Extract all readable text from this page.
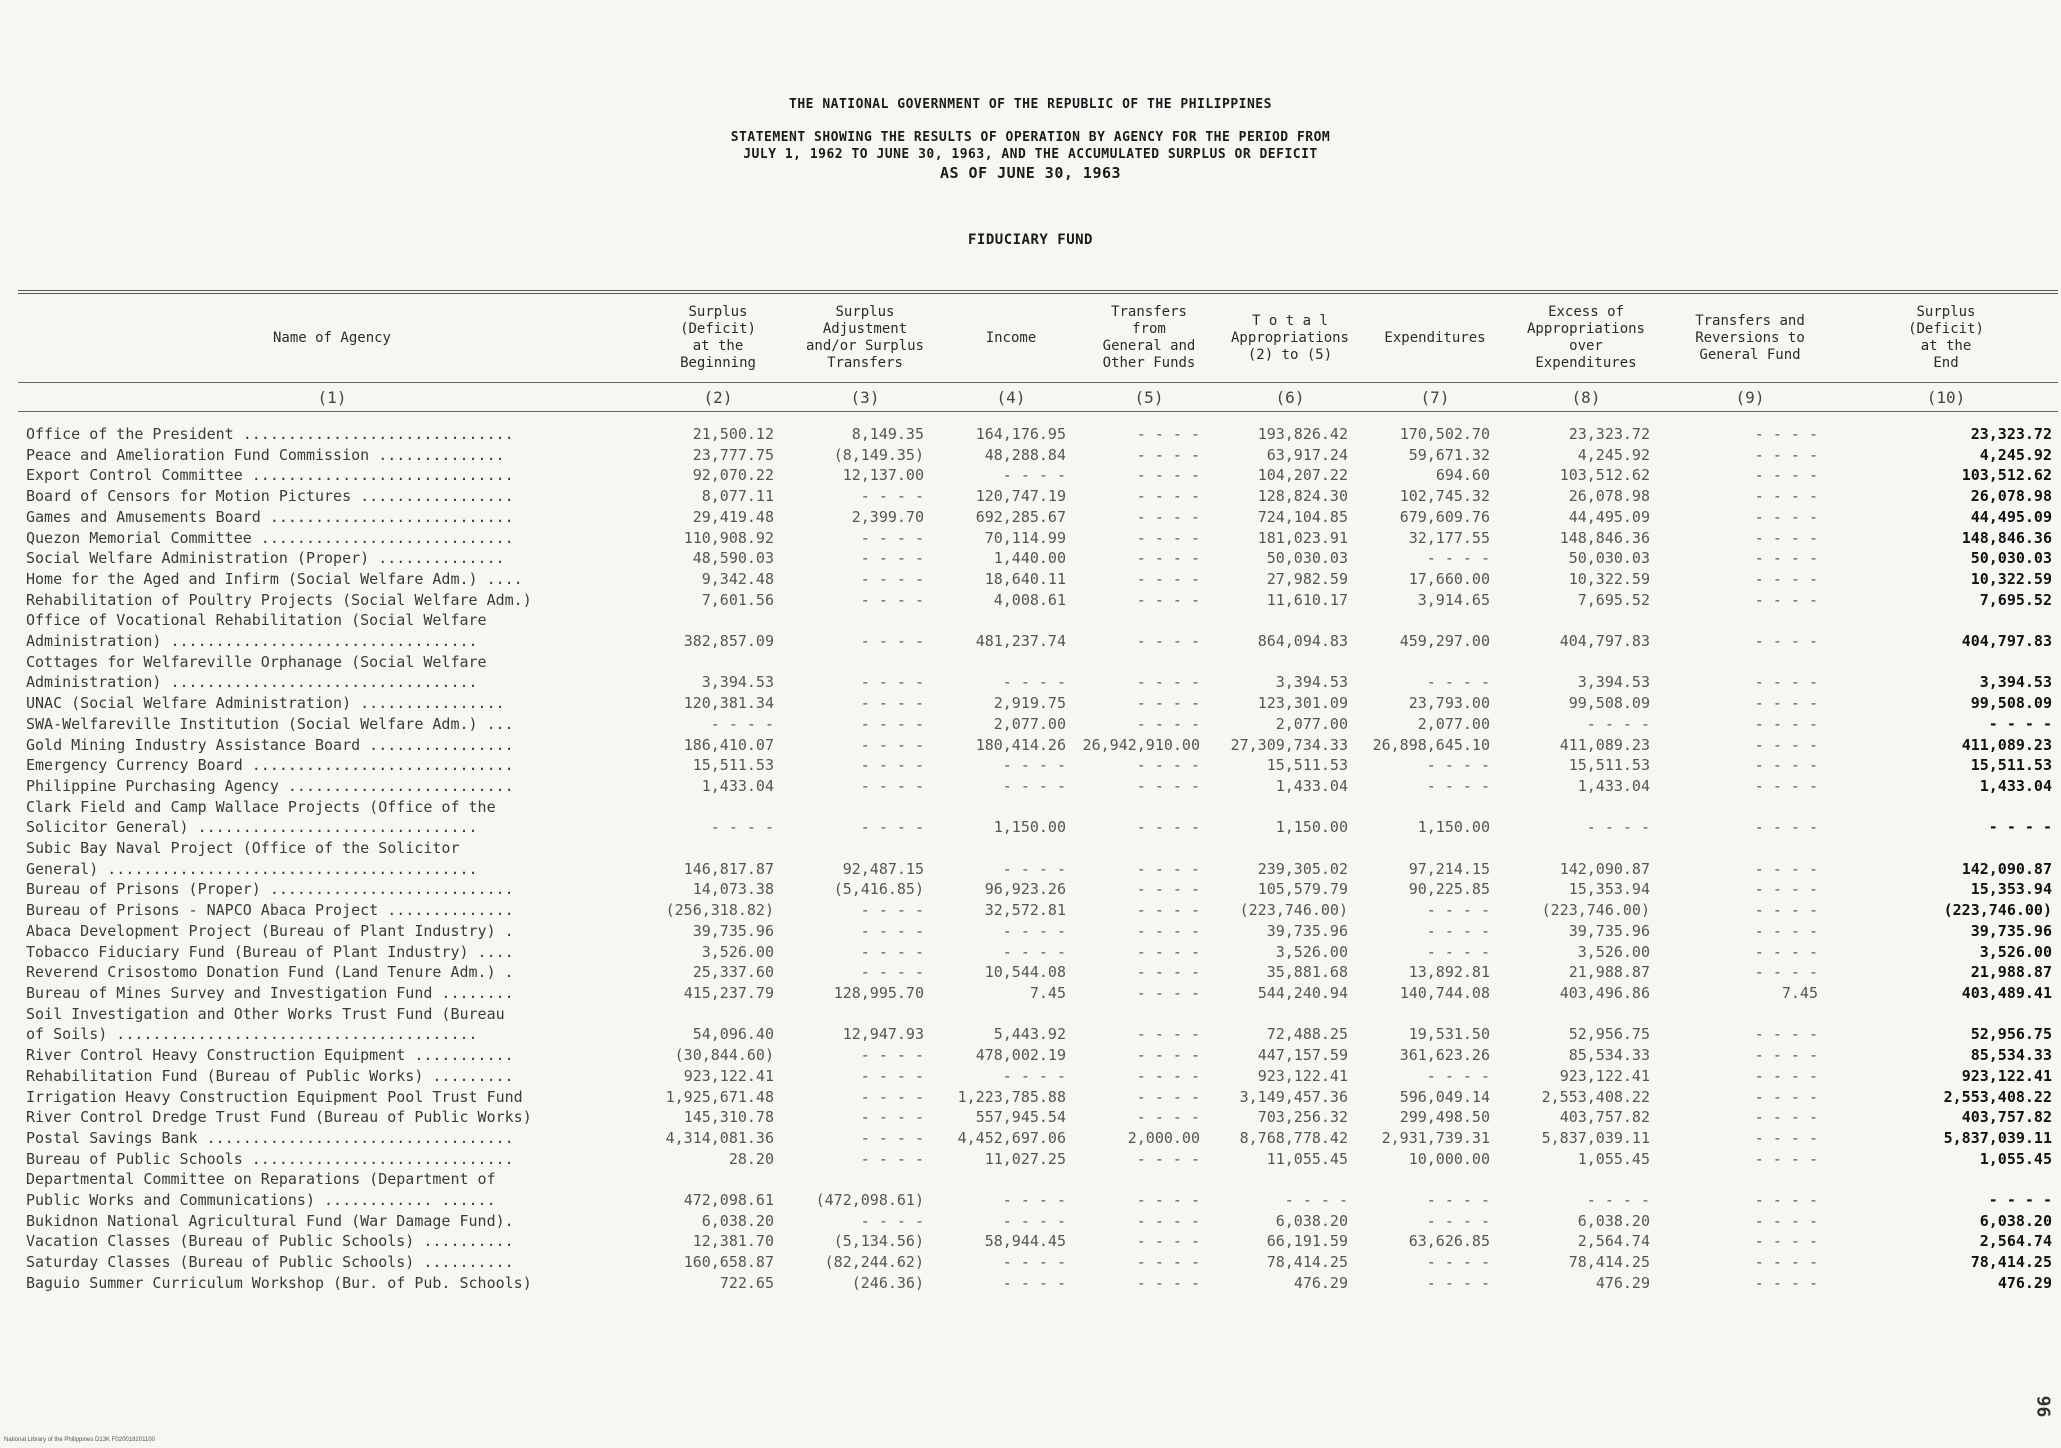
THE NATIONAL GOVERNMENT OF THE REPUBLIC OF THE PHILIPPINES
STATEMENT SHOWING THE RESULTS OF OPERATION BY AGENCY FOR THE PERIOD FROM
JULY 1, 1962 TO JUNE 30, 1963, AND THE ACCUMULATED SURPLUS OR DEFICIT
AS OF JUNE 30, 1963
FIDUCIARY FUND
Name of Agency	Surplus
(Deficit)
at the
Beginning	Surplus
Adjustment
and/or Surplus
Transfers	Income	Transfers
from
General and
Other Funds	T o t a l
Appropriations
(2) to (5)	Expenditures	Excess of
Appropriations
over
Expenditures	Transfers and
Reversions to
General Fund	Surplus
(Deficit)
at the
End
(1)	(2)	(3)	(4)	(5)	(6)	(7)	(8)	(9)	(10)

Office of the President ..............................	21,500.12	8,149.35	164,176.95	- - - -	193,826.42	170,502.70	23,323.72	- - - -	23,323.72
Peace and Amelioration Fund Commission ..............	23,777.75	(8,149.35)	48,288.84	- - - -	63,917.24	59,671.32	4,245.92	- - - -	4,245.92
Export Control Committee .............................	92,070.22	12,137.00	- - - -	- - - -	104,207.22	694.60	103,512.62	- - - -	103,512.62
Board of Censors for Motion Pictures .................	8,077.11	- - - -	120,747.19	- - - -	128,824.30	102,745.32	26,078.98	- - - -	26,078.98
Games and Amusements Board ...........................	29,419.48	2,399.70	692,285.67	- - - -	724,104.85	679,609.76	44,495.09	- - - -	44,495.09
Quezon Memorial Committee ............................	110,908.92	- - - -	70,114.99	- - - -	181,023.91	32,177.55	148,846.36	- - - -	148,846.36
Social Welfare Administration (Proper) ..............	48,590.03	- - - -	1,440.00	- - - -	50,030.03	- - - -	50,030.03	- - - -	50,030.03
Home for the Aged and Infirm (Social Welfare Adm.) ....	9,342.48	- - - -	18,640.11	- - - -	27,982.59	17,660.00	10,322.59	- - - -	10,322.59
Rehabilitation of Poultry Projects (Social Welfare Adm.)	7,601.56	- - - -	4,008.61	- - - -	11,610.17	3,914.65	7,695.52	- - - -	7,695.52
Office of Vocational Rehabilitation (Social Welfare									
Administration) ..................................	382,857.09	- - - -	481,237.74	- - - -	864,094.83	459,297.00	404,797.83	- - - -	404,797.83
Cottages for Welfareville Orphanage (Social Welfare									
Administration) ..................................	3,394.53	- - - -	- - - -	- - - -	3,394.53	- - - -	3,394.53	- - - -	3,394.53
UNAC (Social Welfare Administration) ................	120,381.34	- - - -	2,919.75	- - - -	123,301.09	23,793.00	99,508.09	- - - -	99,508.09
SWA-Welfareville Institution (Social Welfare Adm.) ...	- - - -	- - - -	2,077.00	- - - -	2,077.00	2,077.00	- - - -	- - - -	- - - -
Gold Mining Industry Assistance Board ................	186,410.07	- - - -	180,414.26	26,942,910.00	27,309,734.33	26,898,645.10	411,089.23	- - - -	411,089.23
Emergency Currency Board .............................	15,511.53	- - - -	- - - -	- - - -	15,511.53	- - - -	15,511.53	- - - -	15,511.53
Philippine Purchasing Agency .........................	1,433.04	- - - -	- - - -	- - - -	1,433.04	- - - -	1,433.04	- - - -	1,433.04
Clark Field and Camp Wallace Projects (Office of the									
Solicitor General) ...............................	- - - -	- - - -	1,150.00	- - - -	1,150.00	1,150.00	- - - -	- - - -	- - - -
Subic Bay Naval Project (Office of the Solicitor									
General) .........................................	146,817.87	92,487.15	- - - -	- - - -	239,305.02	97,214.15	142,090.87	- - - -	142,090.87
Bureau of Prisons (Proper) ...........................	14,073.38	(5,416.85)	96,923.26	- - - -	105,579.79	90,225.85	15,353.94	- - - -	15,353.94
Bureau of Prisons - NAPCO Abaca Project ..............	(256,318.82)	- - - -	32,572.81	- - - -	(223,746.00)	- - - -	(223,746.00)	- - - -	(223,746.00)
Abaca Development Project (Bureau of Plant Industry) .	39,735.96	- - - -	- - - -	- - - -	39,735.96	- - - -	39,735.96	- - - -	39,735.96
Tobacco Fiduciary Fund (Bureau of Plant Industry) ....	3,526.00	- - - -	- - - -	- - - -	3,526.00	- - - -	3,526.00	- - - -	3,526.00
Reverend Crisostomo Donation Fund (Land Tenure Adm.) .	25,337.60	- - - -	10,544.08	- - - -	35,881.68	13,892.81	21,988.87	- - - -	21,988.87
Bureau of Mines Survey and Investigation Fund ........	415,237.79	128,995.70	7.45	- - - -	544,240.94	140,744.08	403,496.86	7.45	403,489.41
Soil Investigation and Other Works Trust Fund (Bureau									
of Soils) ........................................	54,096.40	12,947.93	5,443.92	- - - -	72,488.25	19,531.50	52,956.75	- - - -	52,956.75
River Control Heavy Construction Equipment ...........	(30,844.60)	- - - -	478,002.19	- - - -	447,157.59	361,623.26	85,534.33	- - - -	85,534.33
Rehabilitation Fund (Bureau of Public Works) .........	923,122.41	- - - -	- - - -	- - - -	923,122.41	- - - -	923,122.41	- - - -	923,122.41
Irrigation Heavy Construction Equipment Pool Trust Fund	1,925,671.48	- - - -	1,223,785.88	- - - -	3,149,457.36	596,049.14	2,553,408.22	- - - -	2,553,408.22
River Control Dredge Trust Fund (Bureau of Public Works)	145,310.78	- - - -	557,945.54	- - - -	703,256.32	299,498.50	403,757.82	- - - -	403,757.82
Postal Savings Bank ..................................	4,314,081.36	- - - -	4,452,697.06	2,000.00	8,768,778.42	2,931,739.31	5,837,039.11	- - - -	5,837,039.11
Bureau of Public Schools .............................	28.20	- - - -	11,027.25	- - - -	11,055.45	10,000.00	1,055.45	- - - -	1,055.45
Departmental Committee on Reparations (Department of									
Public Works and Communications) ............ ......	472,098.61	(472,098.61)	- - - -	- - - -	- - - -	- - - -	- - - -	- - - -	- - - -
Bukidnon National Agricultural Fund (War Damage Fund).	6,038.20	- - - -	- - - -	- - - -	6,038.20	- - - -	6,038.20	- - - -	6,038.20
Vacation Classes (Bureau of Public Schools) ..........	12,381.70	(5,134.56)	58,944.45	- - - -	66,191.59	63,626.85	2,564.74	- - - -	2,564.74
Saturday Classes (Bureau of Public Schools) ..........	160,658.87	(82,244.62)	- - - -	- - - -	78,414.25	- - - -	78,414.25	- - - -	78,414.25
Baguio Summer Curriculum Workshop (Bur. of Pub. Schools)	722.65	(246.36)	- - - -	- - - -	476.29	- - - -	476.29	- - - -	476.29
96
National Library of the Philippines D13K F020018201100
